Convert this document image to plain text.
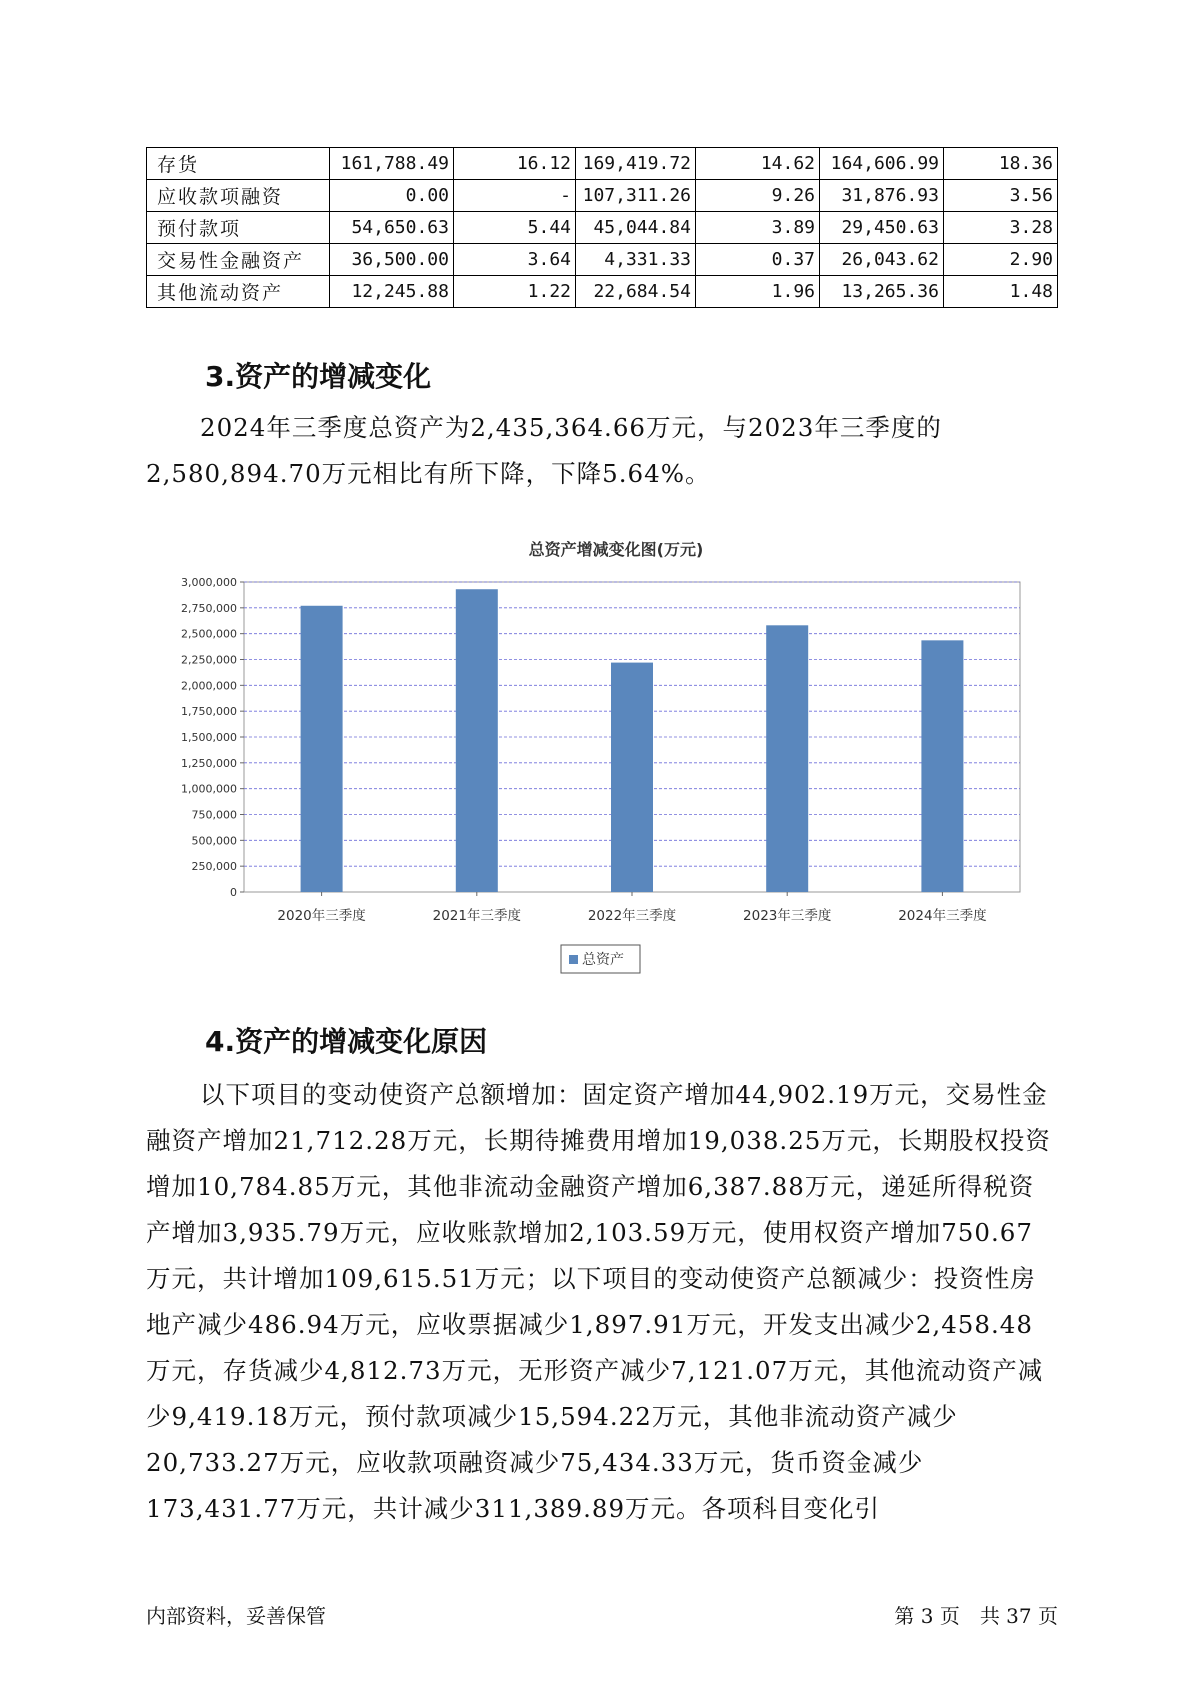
存货	161,788.49	16.12	169,419.72	14.62	164,606.99	18.36
应收款项融资	0.00	-	107,311.26	9.26	31,876.93	3.56
预付款项	54,650.63	5.44	45,044.84	3.89	29,450.63	3.28
交易性金融资产	36,500.00	3.64	4,331.33	0.37	26,043.62	2.90
其他流动资产	12,245.88	1.22	22,684.54	1.96	13,265.36	1.48
3.资产的增减变化

2024年三季度总资产为2,435,364.66万元，与2023年三季度的2,580,894.70万元相比有所下降，下降5.64%。

总资产增减变化图(万元)
0
250,000
500,000
750,000
1,000,000
1,250,000
1,500,000
1,750,000
2,000,000
2,250,000
2,500,000
2,750,000
3,000,000
2020年三季度	2021年三季度	2022年三季度	2023年三季度	2024年三季度
总资产
4.资产的增减变化原因

以下项目的变动使资产总额增加：固定资产增加44,902.19万元，交易性金融资产增加21,712.28万元，长期待摊费用增加19,038.25万元，长期股权投资增加10,784.85万元，其他非流动金融资产增加6,387.88万元，递延所得税资产增加3,935.79万元，应收账款增加2,103.59万元，使用权资产增加750.67万元，共计增加109,615.51万元；以下项目的变动使资产总额减少：投资性房地产减少486.94万元，应收票据减少1,897.91万元，开发支出减少2,458.48万元，存货减少4,812.73万元，无形资产减少7,121.07万元，其他流动资产减少9,419.18万元，预付款项减少15,594.22万元，其他非流动资产减少20,733.27万元，应收款项融资减少75,434.33万元，货币资金减少173,431.77万元，共计减少311,389.89万元。各项科目变化引

内部资料，妥善保管	第 3 页　共 37 页
